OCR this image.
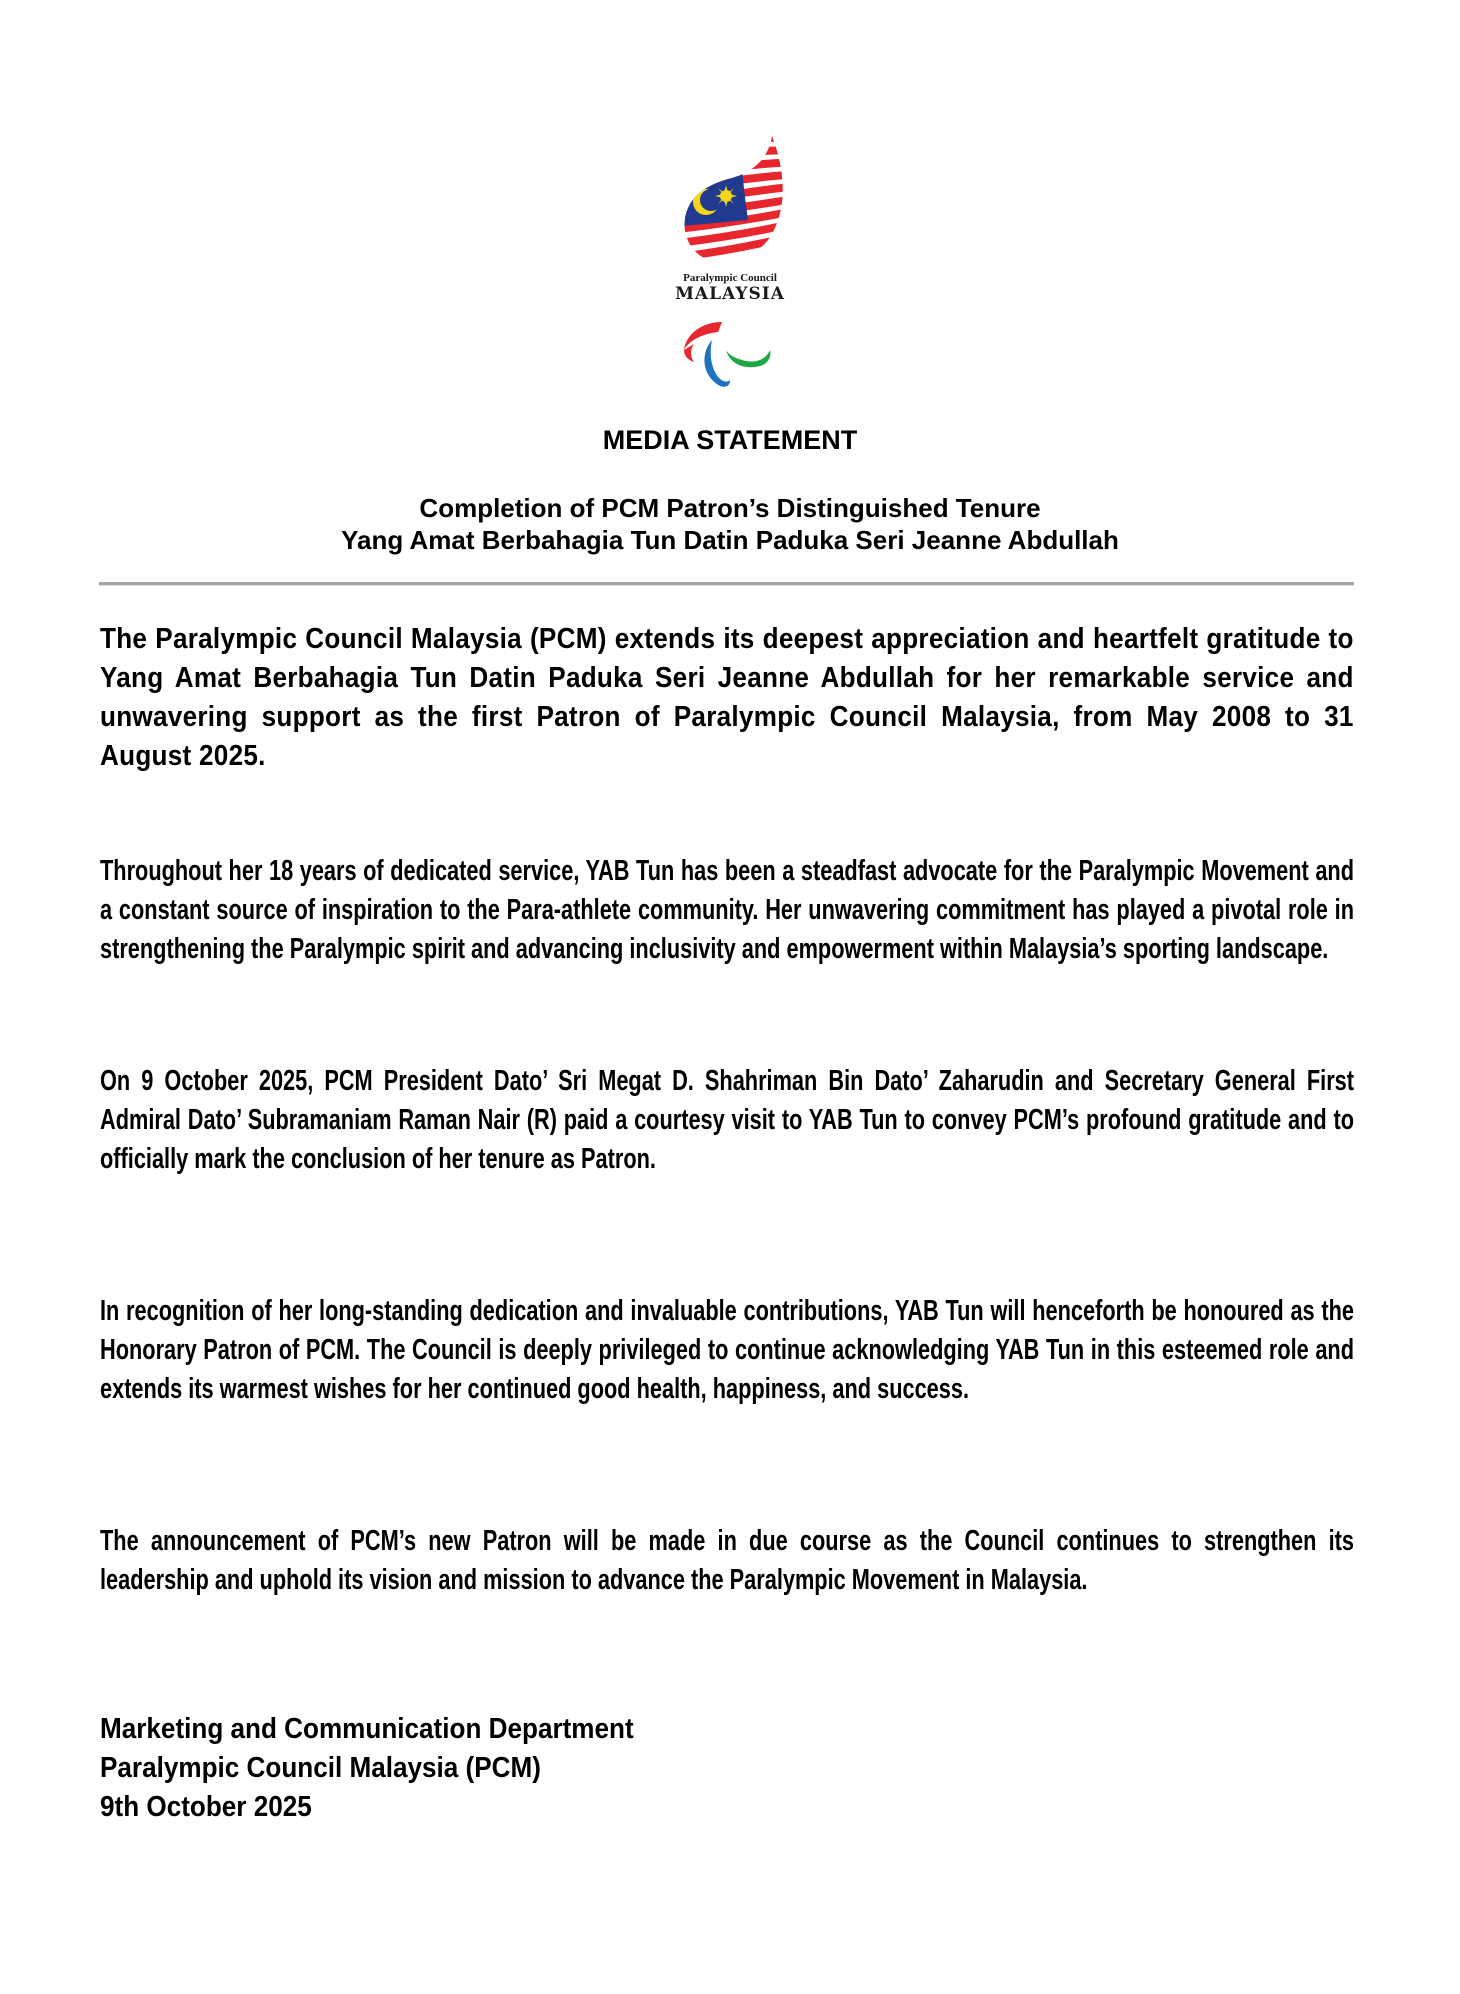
Paralympic Council
MALAYSIA
MEDIA STATEMENT
Completion of PCM Patron’s Distinguished Tenure
Yang Amat Berbahagia Tun Datin Paduka Seri Jeanne Abdullah

The Paralympic Council Malaysia (PCM) extends its deepest appreciation and heartfelt gratitude to Yang Amat Berbahagia Tun Datin Paduka Seri Jeanne Abdullah for her remarkable service and unwavering support as the first Patron of Paralympic Council Malaysia, from May 2008 to 31 August 2025.

Throughout her 18 years of dedicated service, YAB Tun has been a steadfast advocate for the Paralympic Movement and a constant source of inspiration to the Para-athlete community. Her unwavering commitment has played a pivotal role in strengthening the Paralympic spirit and advancing inclusivity and empowerment within Malaysia’s sporting landscape.

On 9 October 2025, PCM President Dato’ Sri Megat D. Shahriman Bin Dato’ Zaharudin and Secretary General First Admiral Dato’ Subramaniam Raman Nair (R) paid a courtesy visit to YAB Tun to convey PCM’s profound gratitude and to officially mark the conclusion of her tenure as Patron.

In recognition of her long-standing dedication and invaluable contributions, YAB Tun will henceforth be honoured as the Honorary Patron of PCM. The Council is deeply privileged to continue acknowledging YAB Tun in this esteemed role and extends its warmest wishes for her continued good health, happiness, and success.

The announcement of PCM’s new Patron will be made in due course as the Council continues to strengthen its leadership and uphold its vision and mission to advance the Paralympic Movement in Malaysia.

Marketing and Communication Department
Paralympic Council Malaysia (PCM)
9th October 2025
